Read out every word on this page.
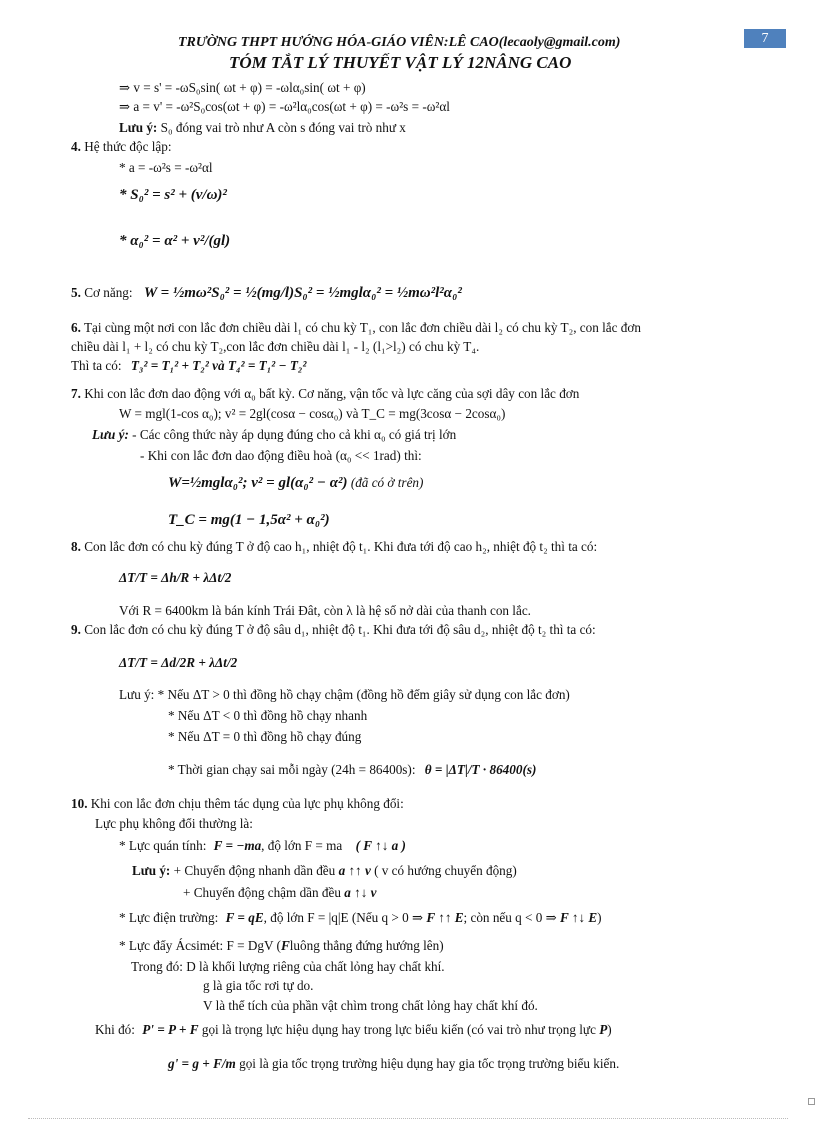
TRƯỜNG THPT HƯỚNG HÓA-GIÁO VIÊN:LÊ CAO(lecaoly@gmail.com)
TÓM TẮT LÝ THUYẾT VẬT LÝ 12NÂNG CAO
7
⇒ v = s' = -ωS₀sin( ωt + φ) = -ωlα₀sin( ωt + φ)
⇒ a = v' = -ω²S₀cos(ωt + φ) = -ω²lα₀cos(ωt + φ) = -ω²s = -ω²αl
Lưu ý: S₀ đóng vai trò như A còn s đóng vai trò như x
4. Hệ thức độc lập:
* a = -ω²s = -ω²αl
* S₀² = s² + (v/ω)²
* α₀² = α² + v²/(gl)
5. Cơ năng: W = ½mω²S₀² = ½(mg/l)S₀² = ½mglα₀² = ½mω²l²α₀²
6. Tại cùng một nơi con lắc đơn chiều dài l₁ có chu kỳ T₁, con lắc đơn chiều dài l₂ có chu kỳ T₂, con lắc đơn
chiều dài l₁ + l₂ có chu kỳ T₂,con lắc đơn chiều dài l₁ - l₂ (l₁>l₂) có chu kỳ T₄.
Thì ta có: T₃² = T₁² + T₂² và T₄² = T₁² − T₂²
7. Khi con lắc đơn dao động với α₀ bất kỳ. Cơ năng, vận tốc và lực căng của sợi dây con lắc đơn
W = mgl(1-cos α₀); v² = 2gl(cosα − cosα₀) và T_C = mg(3cosα − 2cosα₀)
Lưu ý: - Các công thức này áp dụng đúng cho cả khi α₀ có giá trị lớn
- Khi con lắc đơn dao động điều hoà (α₀ << 1rad) thì:
W=½mglα₀²; v² = gl(α₀² − α²) (đã có ở trên)
T_C = mg(1 − 1,5α² + α₀²)
8. Con lắc đơn có chu kỳ đúng T ở độ cao h₁, nhiệt độ t₁. Khi đưa tới độ cao h₂, nhiệt độ t₂ thì ta có:
ΔT/T = Δh/R + λΔt/2
Với R = 6400km là bán kính Trái Đât, còn λ là hệ số nở dài của thanh con lắc.
9. Con lắc đơn có chu kỳ đúng T ở độ sâu d₁, nhiệt độ t₁. Khi đưa tới độ sâu d₂, nhiệt độ t₂ thì ta có:
ΔT/T = Δd/2R + λΔt/2
Lưu ý: * Nếu ΔT > 0 thì đồng hồ chạy chậm (đồng hồ đếm giây sử dụng con lắc đơn)
* Nếu ΔT < 0 thì đồng hồ chạy nhanh
* Nếu ΔT = 0 thì đồng hồ chạy đúng
* Thời gian chạy sai mỗi ngày (24h = 86400s): θ = |ΔT|/T · 86400(s)
10. Khi con lắc đơn chịu thêm tác dụng của lực phụ không đổi:
Lực phụ không đổi thường là:
* Lực quán tính: F = −ma, độ lớn F = ma ( F ↑↓ a )
Lưu ý: + Chuyển động nhanh dần đều a ↑↑ v ( v có hướng chuyển động)
+ Chuyển động chậm dần đều a ↑↓ v
* Lực điện trường: F = qE, độ lớn F = |q|E (Nếu q > 0 ⇒ F ↑↑ E; còn nếu q < 0 ⇒ F ↑↓ E)
* Lực đẩy Ácsimét: F = DgV (Fluông thẳng đứng hướng lên)
Trong đó: D là khối lượng riêng của chất lỏng hay chất khí.
g là gia tốc rơi tự do.
V là thể tích của phần vật chìm trong chất lỏng hay chất khí đó.
Khi đó: P' = P + F gọi là trọng lực hiệu dụng hay trong lực biểu kiến (có vai trò như trọng lực P)
g' = g + F/m gọi là gia tốc trọng trường hiệu dụng hay gia tốc trọng trường biểu kiến.
